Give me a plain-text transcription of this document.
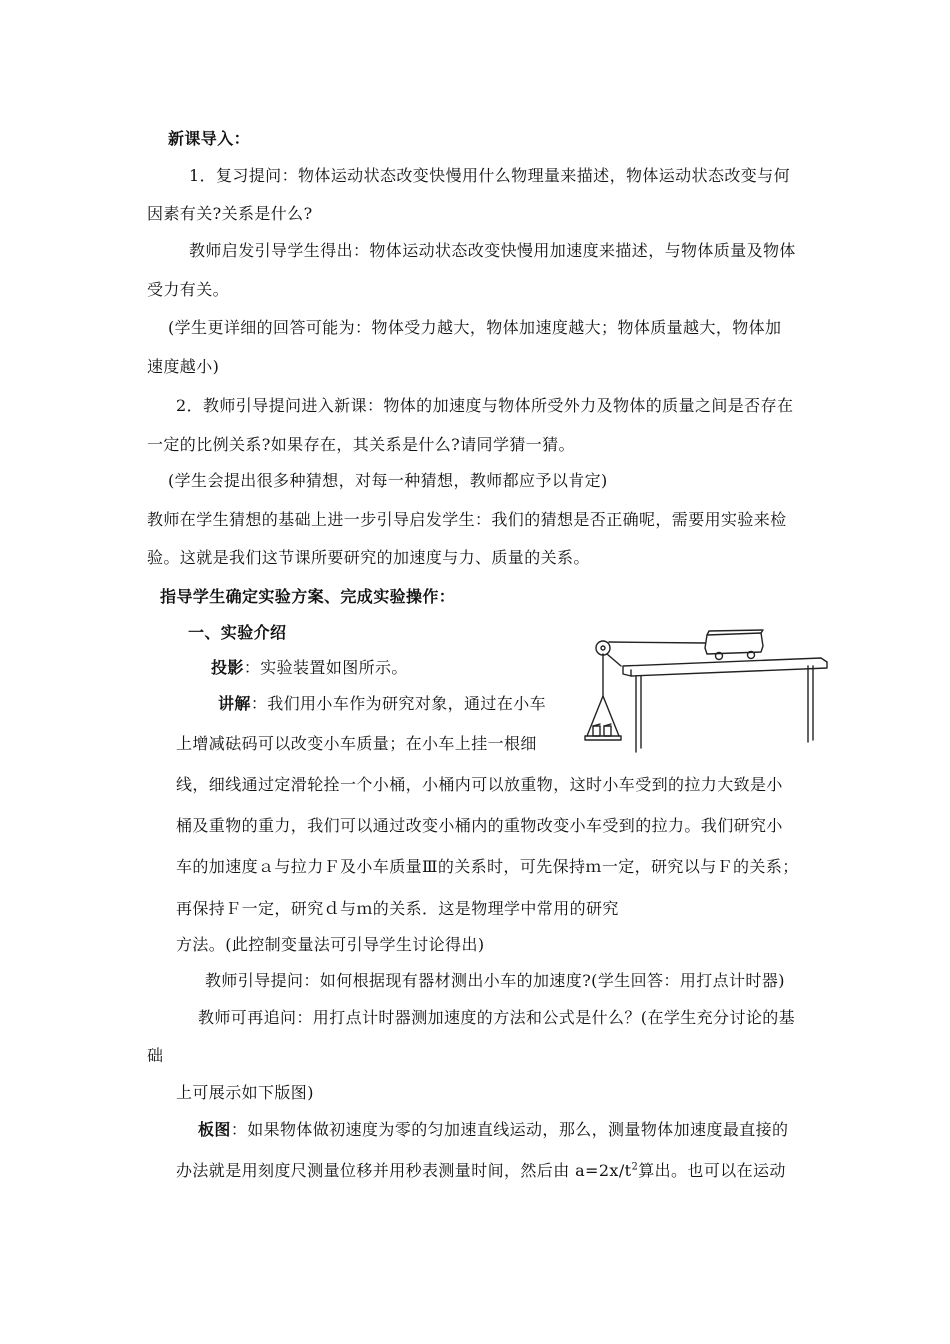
新课导入：
1．复习提问：物体运动状态改变快慢用什么物理量来描述，物体运动状态改变与何
因素有关?关系是什么?
教师启发引导学生得出：物体运动状态改变快慢用加速度来描述，与物体质量及物体
受力有关。
(学生更详细的回答可能为：物体受力越大，物体加速度越大；物体质量越大，物体加
速度越小)
2．教师引导提问进入新课：物体的加速度与物体所受外力及物体的质量之间是否存在
一定的比例关系?如果存在，其关系是什么?请同学猜一猜。
(学生会提出很多种猜想，对每一种猜想，教师都应予以肯定)
教师在学生猜想的基础上进一步引导启发学生：我们的猜想是否正确呢，需要用实验来检
验。这就是我们这节课所要研究的加速度与力、质量的关系。
指导学生确定实验方案、完成实验操作：
一、实验介绍
投影：实验装置如图所示。
讲解：我们用小车作为研究对象，通过在小车
上增减砝码可以改变小车质量；在小车上挂一根细
线，细线通过定滑轮拴一个小桶，小桶内可以放重物，这时小车受到的拉力大致是小
桶及重物的重力，我们可以通过改变小桶内的重物改变小车受到的拉力。我们研究小
车的加速度ａ与拉力Ｆ及小车质量Ⅲ的关系时，可先保持ｍ一定，研究以与Ｆ的关系；
再保持Ｆ一定，研究ｄ与ｍ的关系．这是物理学中常用的研究
方法。(此控制变量法可引导学生讨论得出)
教师引导提问：如何根据现有器材测出小车的加速度?(学生回答：用打点计时器)
教师可再追问：用打点计时器测加速度的方法和公式是什么？(在学生充分讨论的基
础
上可展示如下版图)
板图：如果物体做初速度为零的匀加速直线运动，那么，测量物体加速度最直接的
办法就是用刻度尺测量位移并用秒表测量时间，然后由 $a=2x/t^2$算出。也可以在运动
